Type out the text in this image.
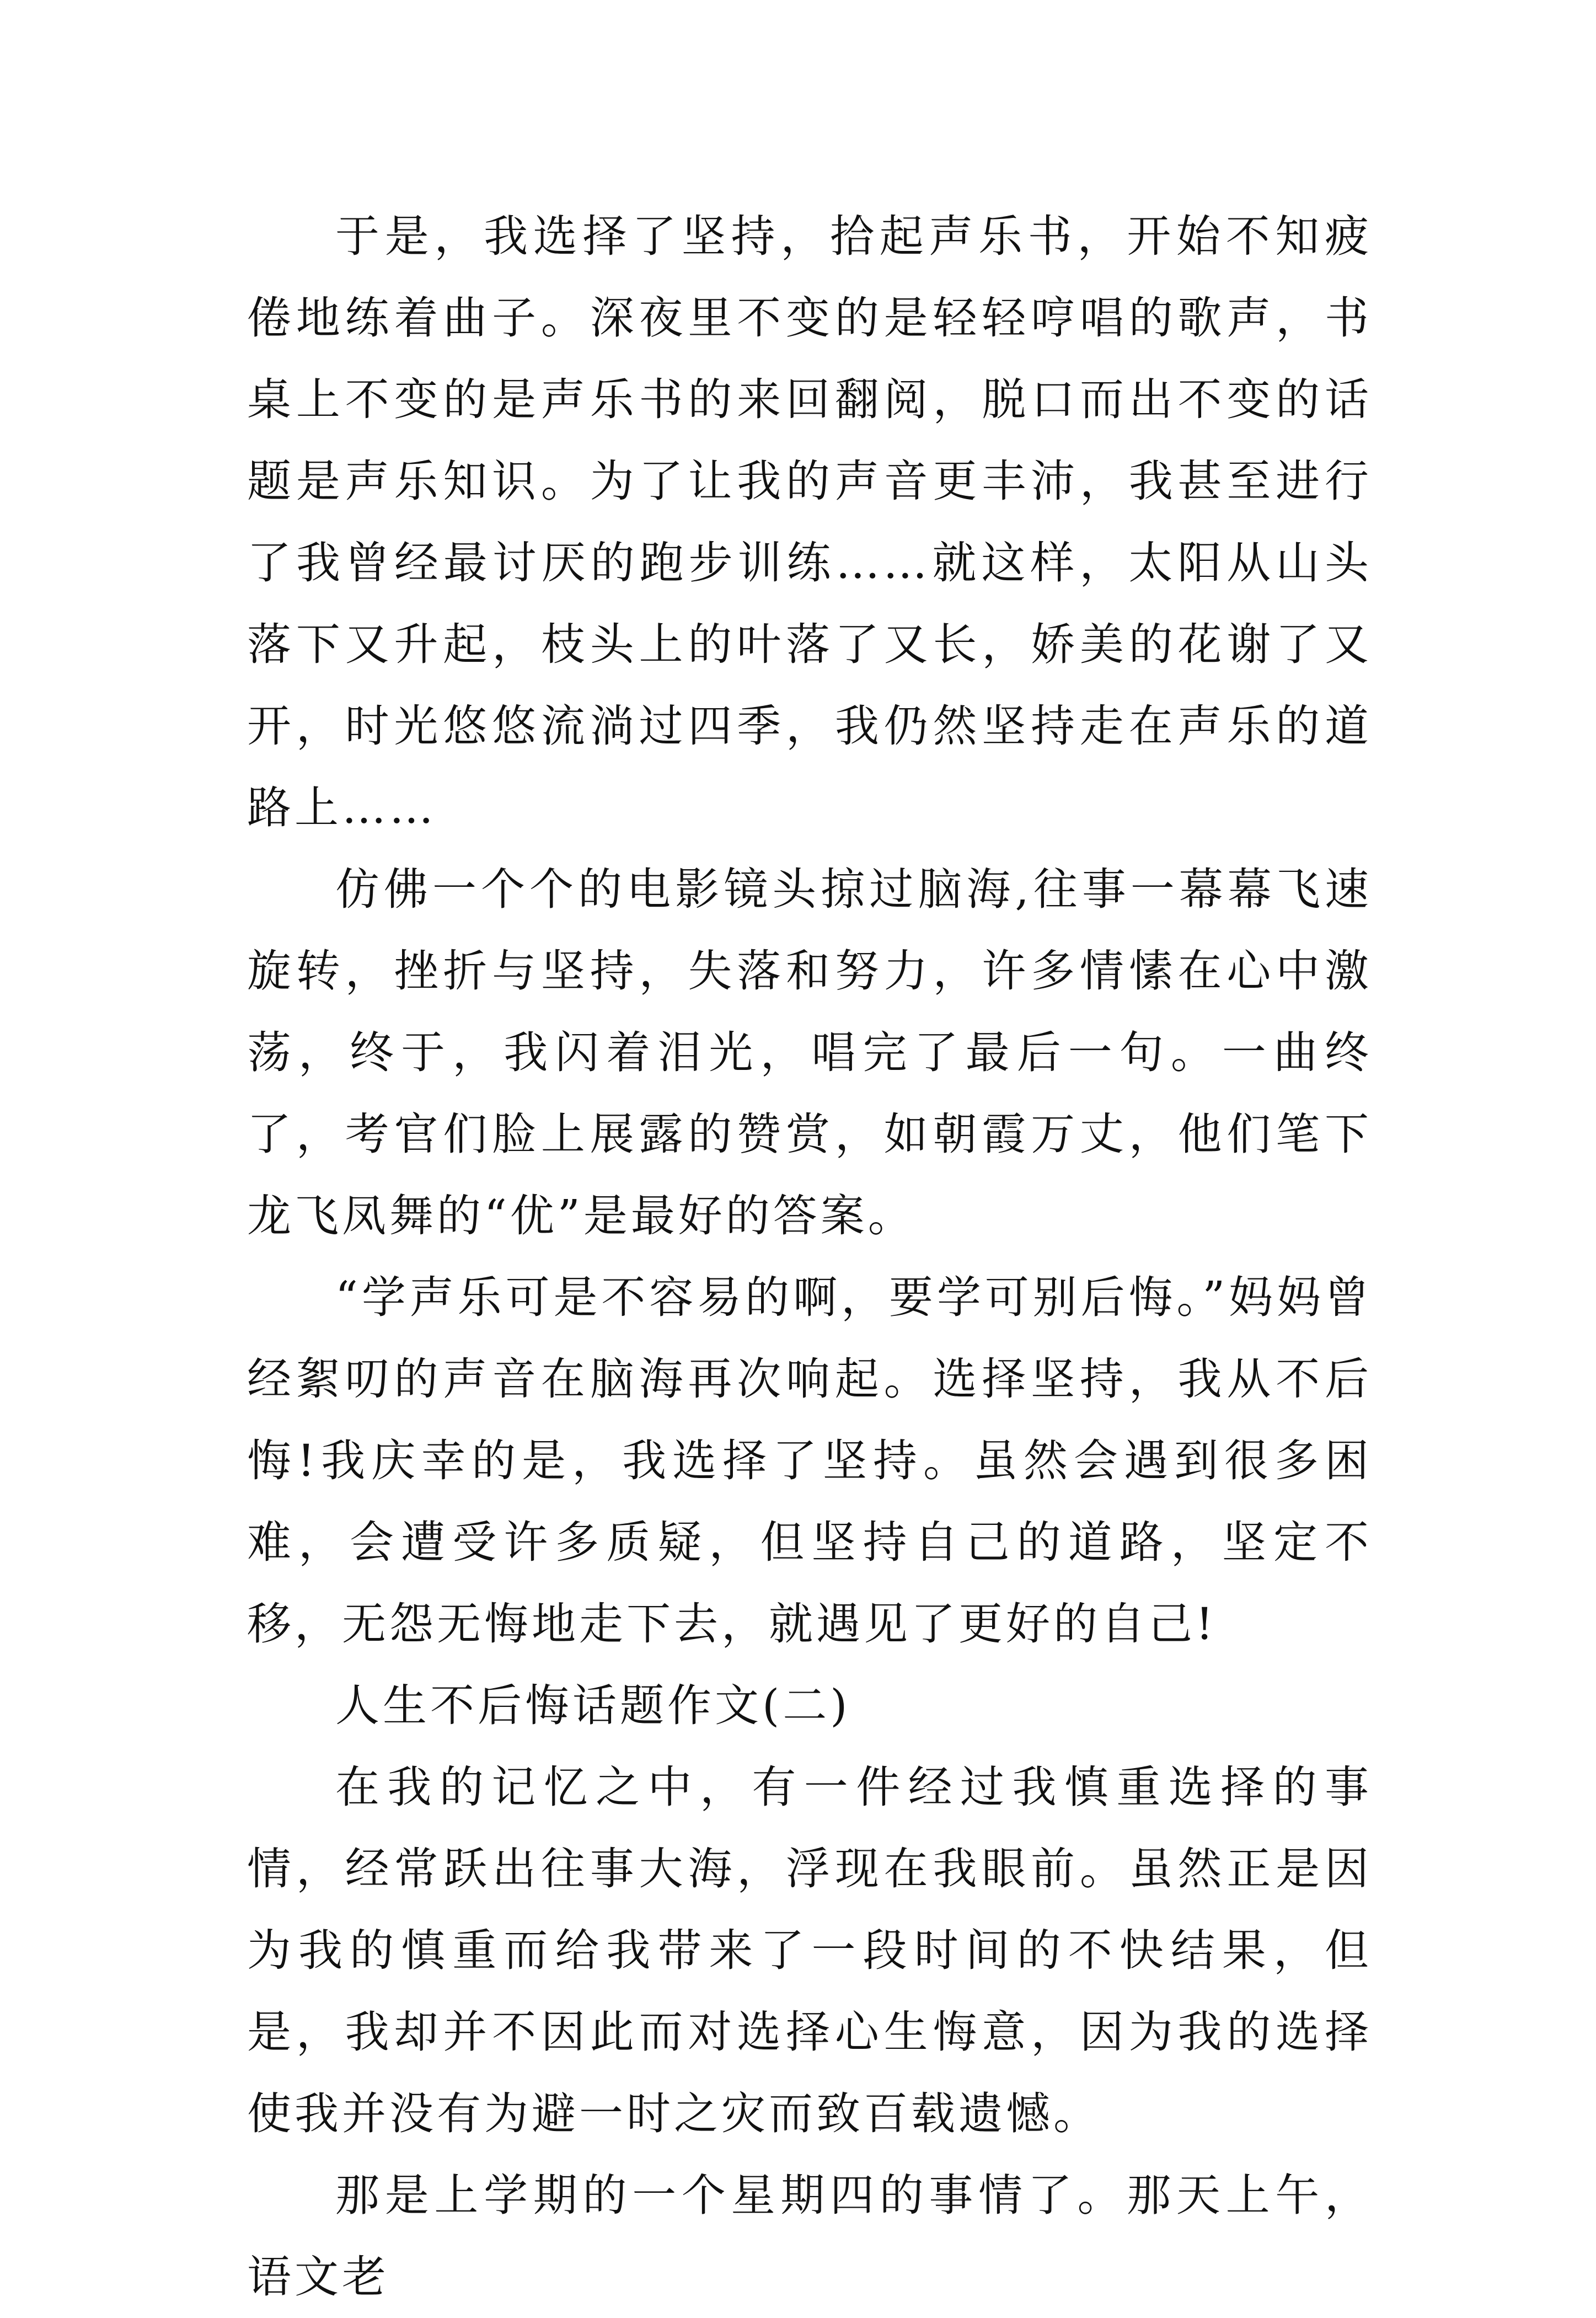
于是，我选择了坚持，拾起声乐书，开始不知疲倦地练着曲子。深夜里不变的是轻轻哼唱的歌声，书桌上不变的是声乐书的来回翻阅，脱口而出不变的话题是声乐知识。为了让我的声音更丰沛，我甚至进行了我曾经最讨厌的跑步训练……就这样，太阳从山头落下又升起，枝头上的叶落了又长，娇美的花谢了又开，时光悠悠流淌过四季，我仍然坚持走在声乐的道路上……

仿佛一个个的电影镜头掠过脑海,往事一幕幕飞速旋转，挫折与坚持，失落和努力，许多情愫在心中激荡，终于，我闪着泪光，唱完了最后一句。一曲终了，考官们脸上展露的赞赏，如朝霞万丈，他们笔下龙飞凤舞的“优”是最好的答案。

“学声乐可是不容易的啊，要学可别后悔。”妈妈曾经絮叨的声音在脑海再次响起。选择坚持，我从不后悔!我庆幸的是，我选择了坚持。虽然会遇到很多困难，会遭受许多质疑，但坚持自己的道路，坚定不移，无怨无悔地走下去，就遇见了更好的自己!

人生不后悔话题作文(二)

在我的记忆之中，有一件经过我慎重选择的事情，经常跃出往事大海，浮现在我眼前。虽然正是因为我的慎重而给我带来了一段时间的不快结果，但是，我却并不因此而对选择心生悔意，因为我的选择使我并没有为避一时之灾而致百载遗憾。

那是上学期的一个星期四的事情了。那天上午，语文老
